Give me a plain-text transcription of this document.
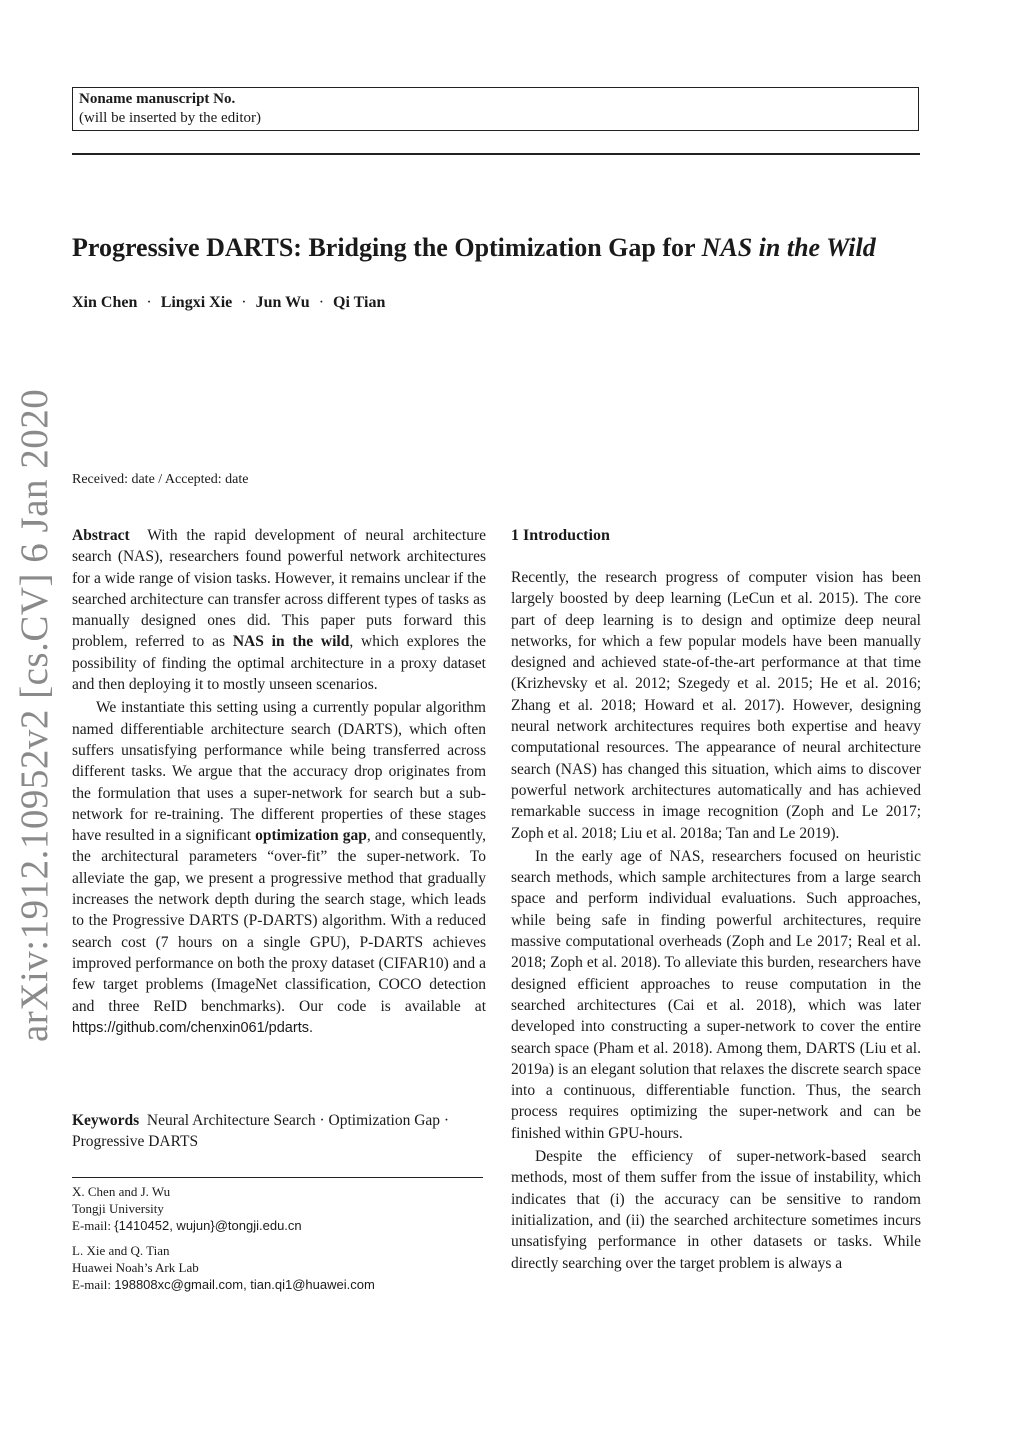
Noname manuscript No.
(will be inserted by the editor)
Progressive DARTS: Bridging the Optimization Gap for NAS in the Wild
Xin Chen · Lingxi Xie · Jun Wu · Qi Tian
Received: date / Accepted: date
arXiv:1912.10952v2 [cs.CV] 6 Jan 2020	Abstract With the rapid development of neural architecture search (NAS), researchers found powerful network architectures for a wide range of vision tasks. However, it remains unclear if the searched architecture can transfer across different types of tasks as manually designed ones did. This paper puts forward this problem, referred to as NAS in the wild, which explores the possibility of finding the optimal architecture in a proxy dataset and then deploying it to mostly unseen scenarios.

We instantiate this setting using a currently popular algorithm named differentiable architecture search (DARTS), which often suffers unsatisfying performance while being transferred across different tasks. We argue that the accuracy drop originates from the formulation that uses a super-network for search but a sub-network for re-training. The different properties of these stages have resulted in a significant optimization gap, and consequently, the architectural parameters “over-fit” the super-network. To alleviate the gap, we present a progressive method that gradually increases the network depth during the search stage, which leads to the Progressive DARTS (P-DARTS) algorithm. With a reduced search cost (7 hours on a single GPU), P-DARTS achieves improved performance on both the proxy dataset (CIFAR10) and a few target problems (ImageNet classification, COCO detection and three ReID benchmarks). Our code is available at https://github.com/chenxin061/pdarts.

Keywords Neural Architecture Search · Optimization Gap · Progressive DARTS
X. Chen and J. Wu
Tongji University
E-mail: {1410452, wujun}@tongji.edu.cn
L. Xie and Q. Tian
Huawei Noah’s Ark Lab
E-mail: 198808xc@gmail.com, tian.qi1@huawei.com
1 Introduction

Recently, the research progress of computer vision has been largely boosted by deep learning (LeCun et al. 2015). The core part of deep learning is to design and optimize deep neural networks, for which a few popular models have been manually designed and achieved state-of-the-art performance at that time (Krizhevsky et al. 2012; Szegedy et al. 2015; He et al. 2016; Zhang et al. 2018; Howard et al. 2017). However, designing neural network architectures requires both expertise and heavy computational resources. The appearance of neural architecture search (NAS) has changed this situation, which aims to discover powerful network architectures automatically and has achieved remarkable success in image recognition (Zoph and Le 2017; Zoph et al. 2018; Liu et al. 2018a; Tan and Le 2019).

In the early age of NAS, researchers focused on heuristic search methods, which sample architectures from a large search space and perform individual evaluations. Such approaches, while being safe in finding powerful architectures, require massive computational overheads (Zoph and Le 2017; Real et al. 2018; Zoph et al. 2018). To alleviate this burden, researchers have designed efficient approaches to reuse computation in the searched architectures (Cai et al. 2018), which was later developed into constructing a super-network to cover the entire search space (Pham et al. 2018). Among them, DARTS (Liu et al. 2019a) is an elegant solution that relaxes the discrete search space into a continuous, differentiable function. Thus, the search process requires optimizing the super-network and can be finished within GPU-hours.

Despite the efficiency of super-network-based search methods, most of them suffer from the issue of instability, which indicates that (i) the accuracy can be sensitive to random initialization, and (ii) the searched architecture sometimes incurs unsatisfying performance in other datasets or tasks. While directly searching over the target problem is always a
